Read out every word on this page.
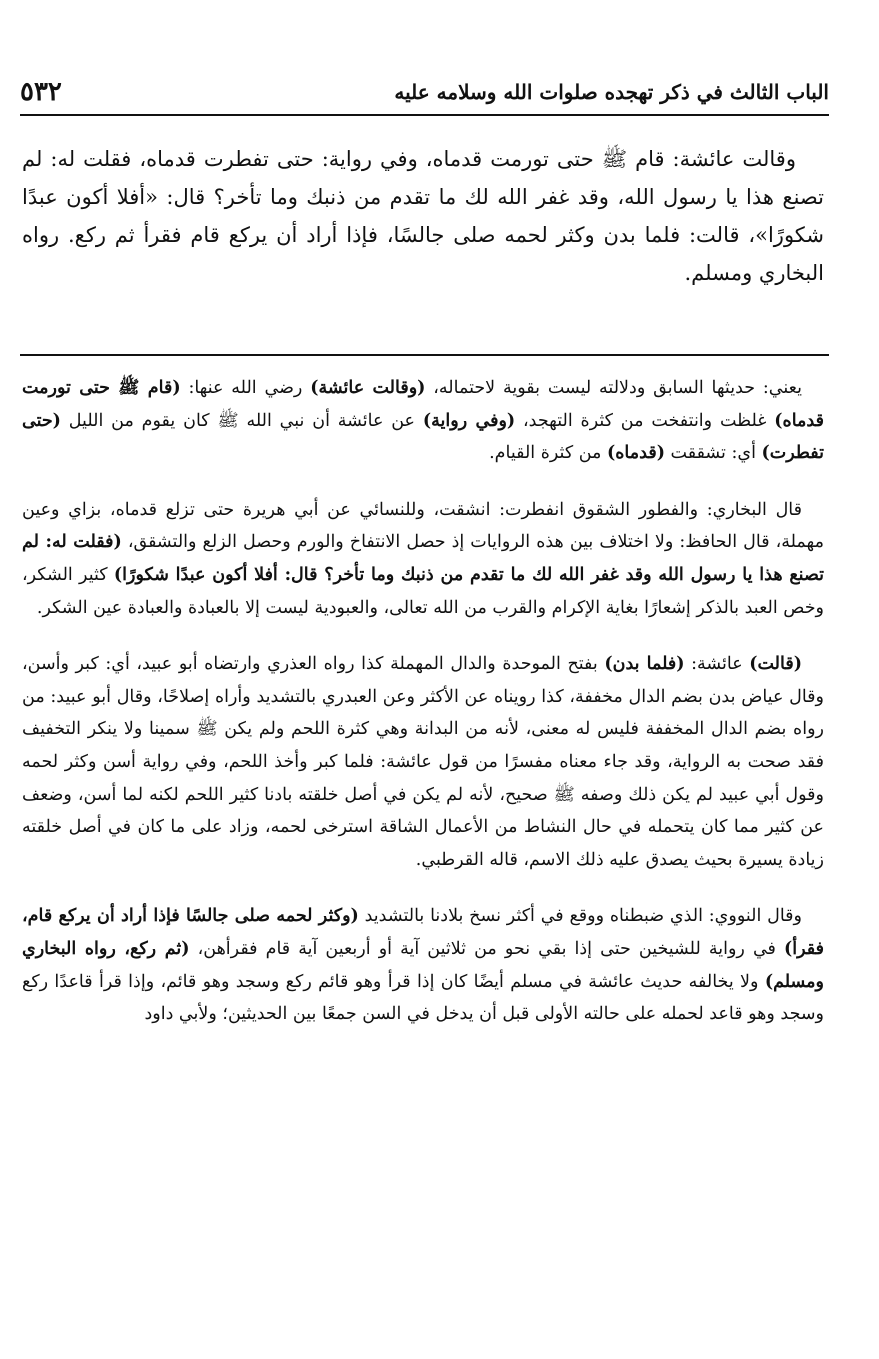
٥٣٢	الباب الثالث في ذكر تهجده صلوات الله وسلامه عليه

وقالت عائشة: قام ﷺ حتى تورمت قدماه، وفي رواية: حتى تفطرت قدماه، فقلت له: لم تصنع هذا يا رسول الله، وقد غفر الله لك ما تقدم من ذنبك وما تأخر؟ قال: «أفلا أكون عبدًا شكورًا»، قالت: فلما بدن وكثر لحمه صلى جالسًا، فإذا أراد أن يركع قام فقرأ ثم ركع. رواه البخاري ومسلم.

يعني: حديثها السابق ودلالته ليست بقوية لاحتماله، (وقالت عائشة) رضي الله عنها: (قام ﷺ حتى تورمت قدماه) غلظت وانتفخت من كثرة التهجد، (وفي رواية) عن عائشة أن نبي الله ﷺ كان يقوم من الليل (حتى تفطرت) أي: تشققت (قدماه) من كثرة القيام.

قال البخاري: والفطور الشقوق انفطرت: انشقت، وللنسائي عن أبي هريرة حتى تزلع قدماه، بزاي وعين مهملة، قال الحافظ: ولا اختلاف بين هذه الروايات إذ حصل الانتفاخ والورم وحصل الزلع والتشقق، (فقلت له: لم تصنع هذا يا رسول الله وقد غفر الله لك ما تقدم من ذنبك وما تأخر؟ قال: أفلا أكون عبدًا شكورًا) كثير الشكر، وخص العبد بالذكر إشعارًا بغاية الإكرام والقرب من الله تعالى، والعبودية ليست إلا بالعبادة والعبادة عين الشكر.

(قالت) عائشة: (فلما بدن) بفتح الموحدة والدال المهملة كذا رواه العذري وارتضاه أبو عبيد، أي: كبر وأسن، وقال عياض بدن بضم الدال مخففة، كذا رويناه عن الأكثر وعن العبدري بالتشديد وأراه إصلاحًا، وقال أبو عبيد: من رواه بضم الدال المخففة فليس له معنى، لأنه من البدانة وهي كثرة اللحم ولم يكن ﷺ سمينا ولا ينكر التخفيف فقد صحت به الرواية، وقد جاء معناه مفسرًا من قول عائشة: فلما كبر وأخذ اللحم، وفي رواية أسن وكثر لحمه وقول أبي عبيد لم يكن ذلك وصفه ﷺ صحيح، لأنه لم يكن في أصل خلقته بادنا كثير اللحم لكنه لما أسن، وضعف عن كثير مما كان يتحمله في حال النشاط من الأعمال الشاقة استرخى لحمه، وزاد على ما كان في أصل خلقته زيادة يسيرة بحيث يصدق عليه ذلك الاسم، قاله القرطبي.

وقال النووي: الذي ضبطناه ووقع في أكثر نسخ بلادنا بالتشديد (وكثر لحمه صلى جالسًا فإذا أراد أن يركع قام، فقرأ) في رواية للشيخين حتى إذا بقي نحو من ثلاثين آية أو أربعين آية قام فقرأهن، (ثم ركع، رواه البخاري ومسلم) ولا يخالفه حديث عائشة في مسلم أيضًا كان إذا قرأ وهو قائم ركع وسجد وهو قائم، وإذا قرأ قاعدًا ركع وسجد وهو قاعد لحمله على حالته الأولى قبل أن يدخل في السن جمعًا بين الحديثين؛ ولأبي داود
